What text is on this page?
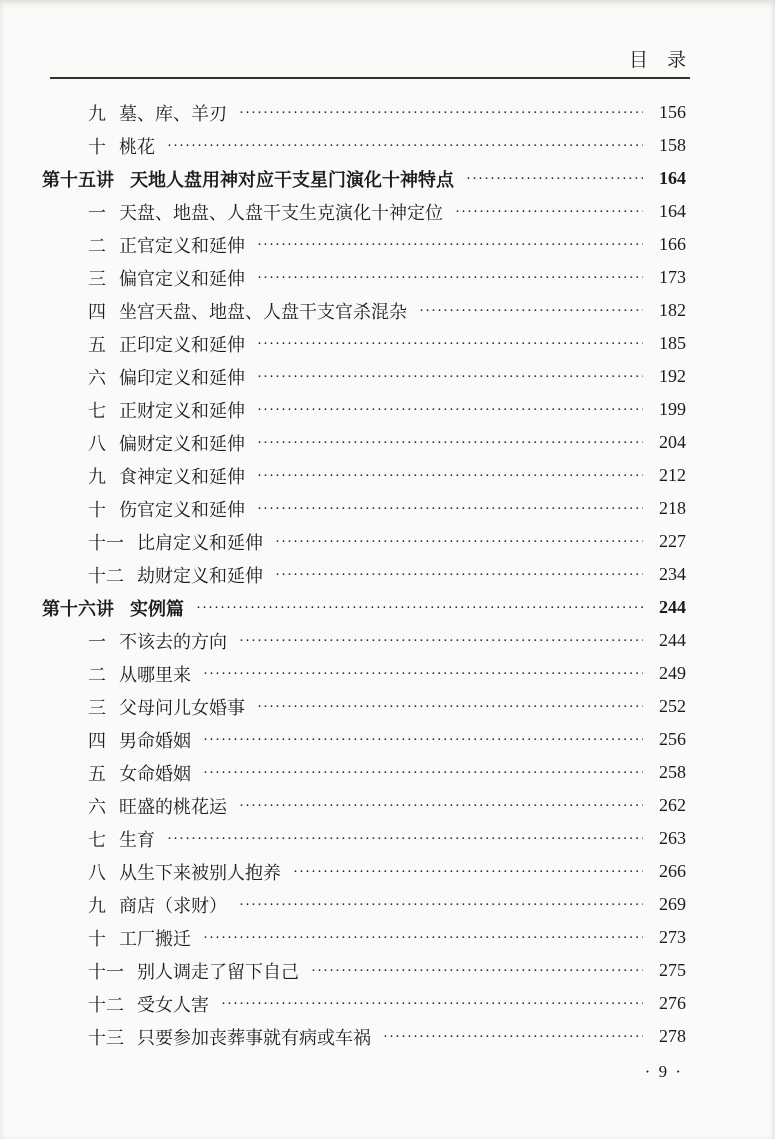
目　录
九 墓、库、羊刃 ·····	156
十 桃花 ·····	158
第十五讲 天地人盘用神对应干支星门演化十神特点 ·····	164
一 天盘、地盘、人盘干支生克演化十神定位 ·····	164
二 正官定义和延伸 ·····	166
三 偏官定义和延伸 ·····	173
四 坐宫天盘、地盘、人盘干支官杀混杂 ·····	182
五 正印定义和延伸 ·····	185
六 偏印定义和延伸 ·····	192
七 正财定义和延伸 ·····	199
八 偏财定义和延伸 ·····	204
九 食神定义和延伸 ·····	212
十 伤官定义和延伸 ·····	218
十一 比肩定义和延伸 ·····	227
十二 劫财定义和延伸 ·····	234
第十六讲 实例篇 ·····	244
一 不该去的方向 ·····	244
二 从哪里来 ·····	249
三 父母问儿女婚事 ·····	252
四 男命婚姻 ·····	256
五 女命婚姻 ·····	258
六 旺盛的桃花运 ·····	262
七 生育 ·····	263
八 从生下来被别人抱养 ·····	266
九 商店（求财） ·····	269
十 工厂搬迁 ·····	273
十一 别人调走了留下自己 ·····	275
十二 受女人害 ·····	276
十三 只要参加丧葬事就有病或车祸 ·····	278
· 9 ·
